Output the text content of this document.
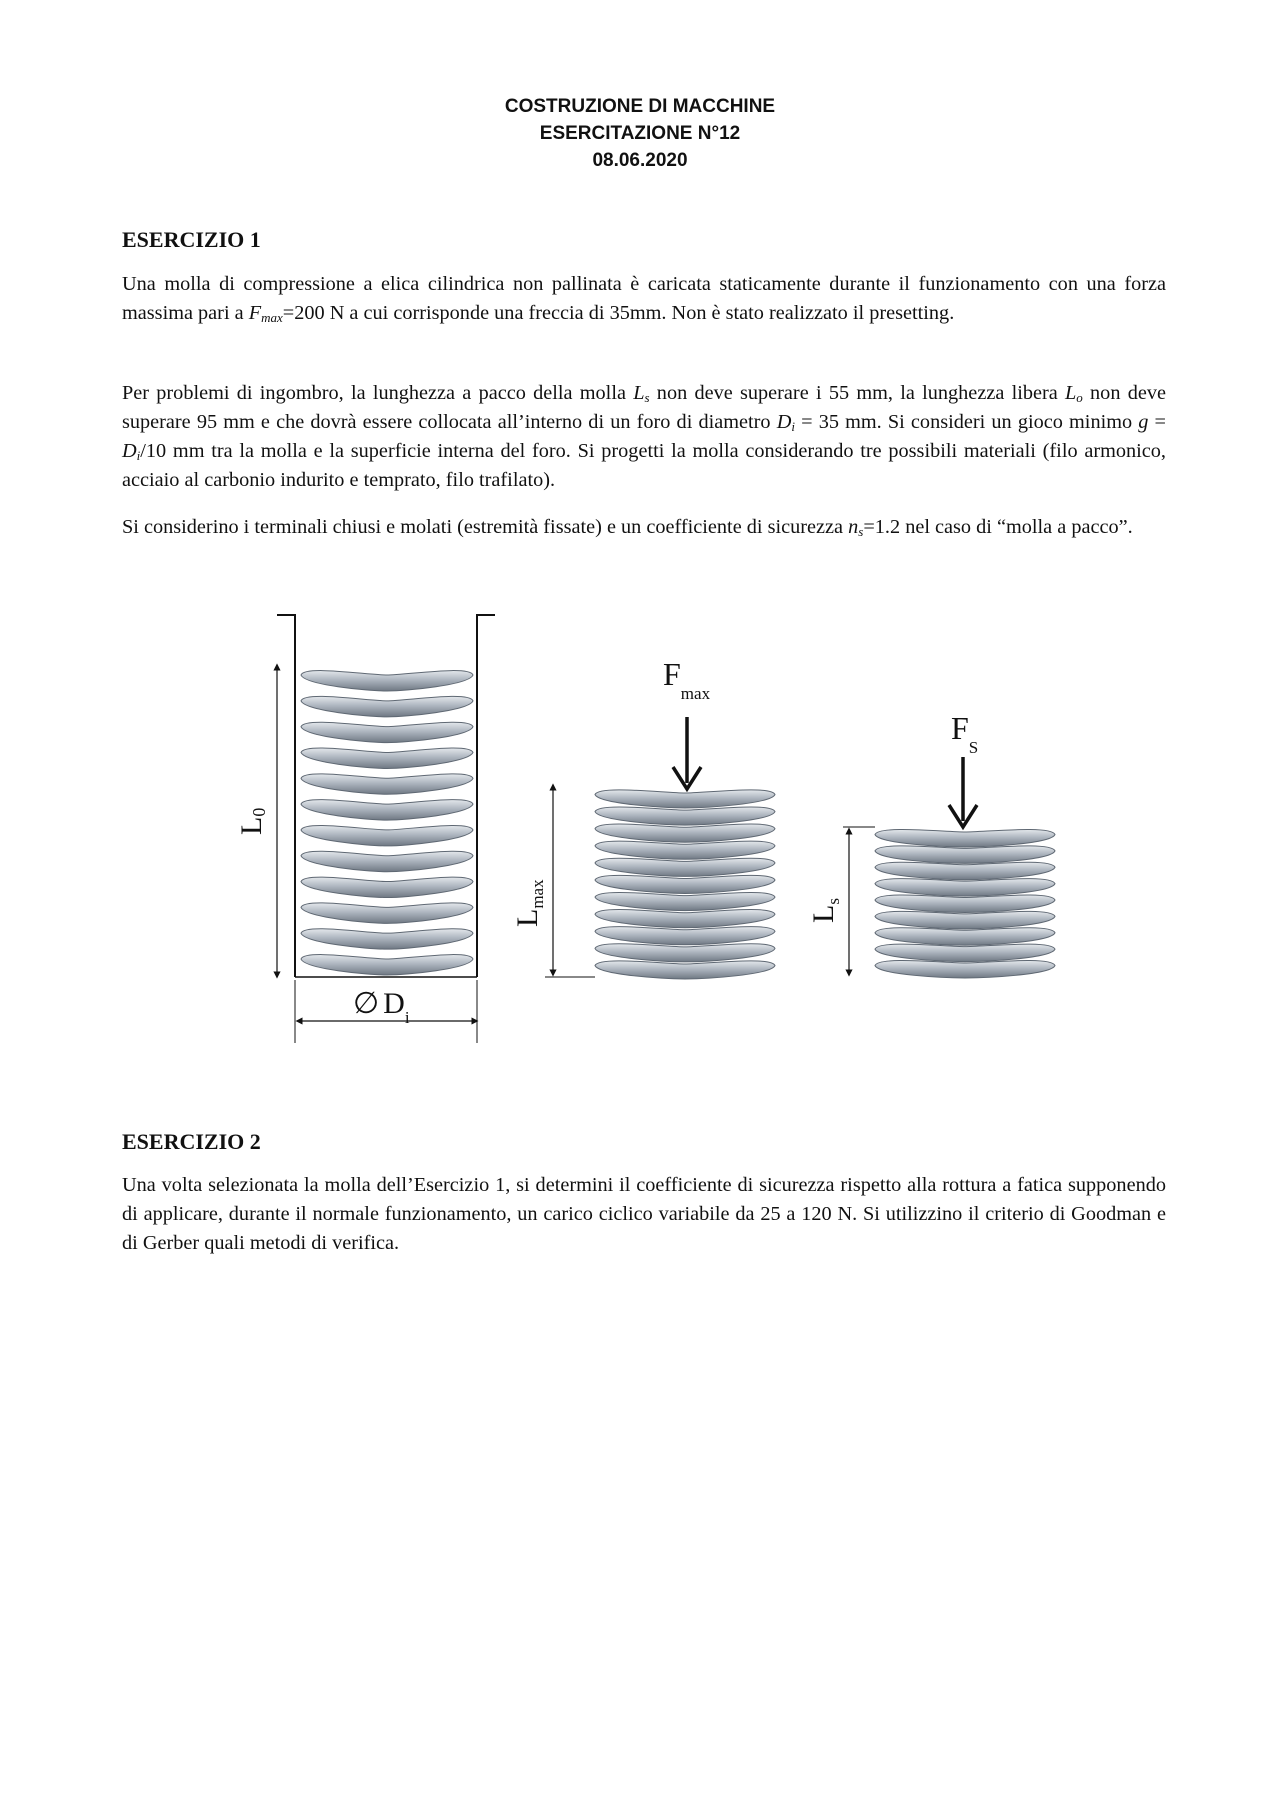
COSTRUZIONE DI MACCHINE
ESERCITAZIONE N°12
08.06.2020
ESERCIZIO 1

Una molla di compressione a elica cilindrica non pallinata è caricata staticamente durante il funzionamento con una forza massima pari a $F_{max}=200$ N a cui corrisponde una freccia di 35mm. Non è stato realizzato il presetting.

Per problemi di ingombro, la lunghezza a pacco della molla $L_s$ non deve superare i 55 mm, la lunghezza libera $L_o$ non deve superare 95 mm e che dovrà essere collocata all’interno di un foro di diametro $D_i = 35$ mm. Si consideri un gioco minimo $g = D_i/10$ mm tra la molla e la superficie interna del foro. Si progetti la molla considerando tre possibili materiali (filo armonico, acciaio al carbonio indurito e temprato, filo trafilato).

Si considerino i terminali chiusi e molati (estremità fissate) e un coefficiente di sicurezza $n_s=1.2$ nel caso di “molla a pacco”.

L0
∅ $D_i$
$L_{max}$
$F_{max}$
$L_s$
$F_S$
ESERCIZIO 2

Una volta selezionata la molla dell’Esercizio 1, si determini il coefficiente di sicurezza rispetto alla rottura a fatica supponendo di applicare, durante il normale funzionamento, un carico ciclico variabile da 25 a 120 N. Si utilizzino il criterio di Goodman e di Gerber quali metodi di verifica.
